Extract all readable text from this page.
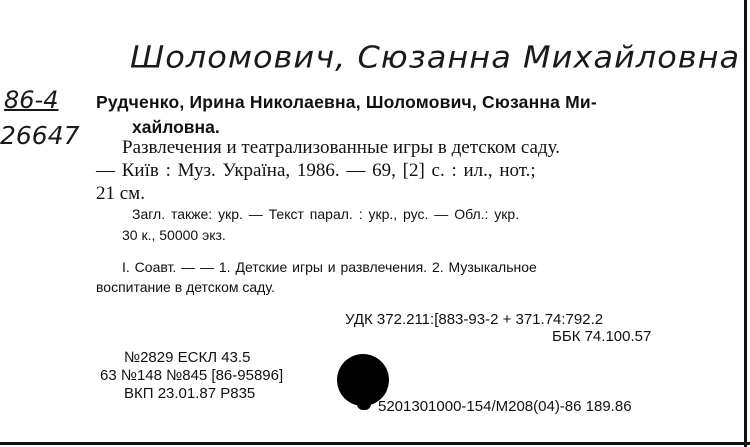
Шоломович, Сюзанна Михайловна
86-4
26647
Рудченко, Ирина Николаевна, Шоломович, Сюзанна Ми-
хайловна.
Развлечения и театрализованные игры в детском саду.
— Київ : Муз. Україна, 1986. — 69, [2] с. : ил., нот.;
21 см.
Загл. также: укр. — Текст парал. : укр., рус. — Обл.: укр.
30 к., 50000 экз.
I. Соавт. — — 1. Детские игры и развлечения. 2. Музыкальное
воспитание в детском саду.
УДК 372.211:[883-93-2 + 371.74:792.2
ББК 74.100.57
№2829 ЕСКЛ 43.5
63 №148 №845 [86-95896]
ВКП 23.01.87 Р835
5201301000-154/М208(04)-86 189.86
